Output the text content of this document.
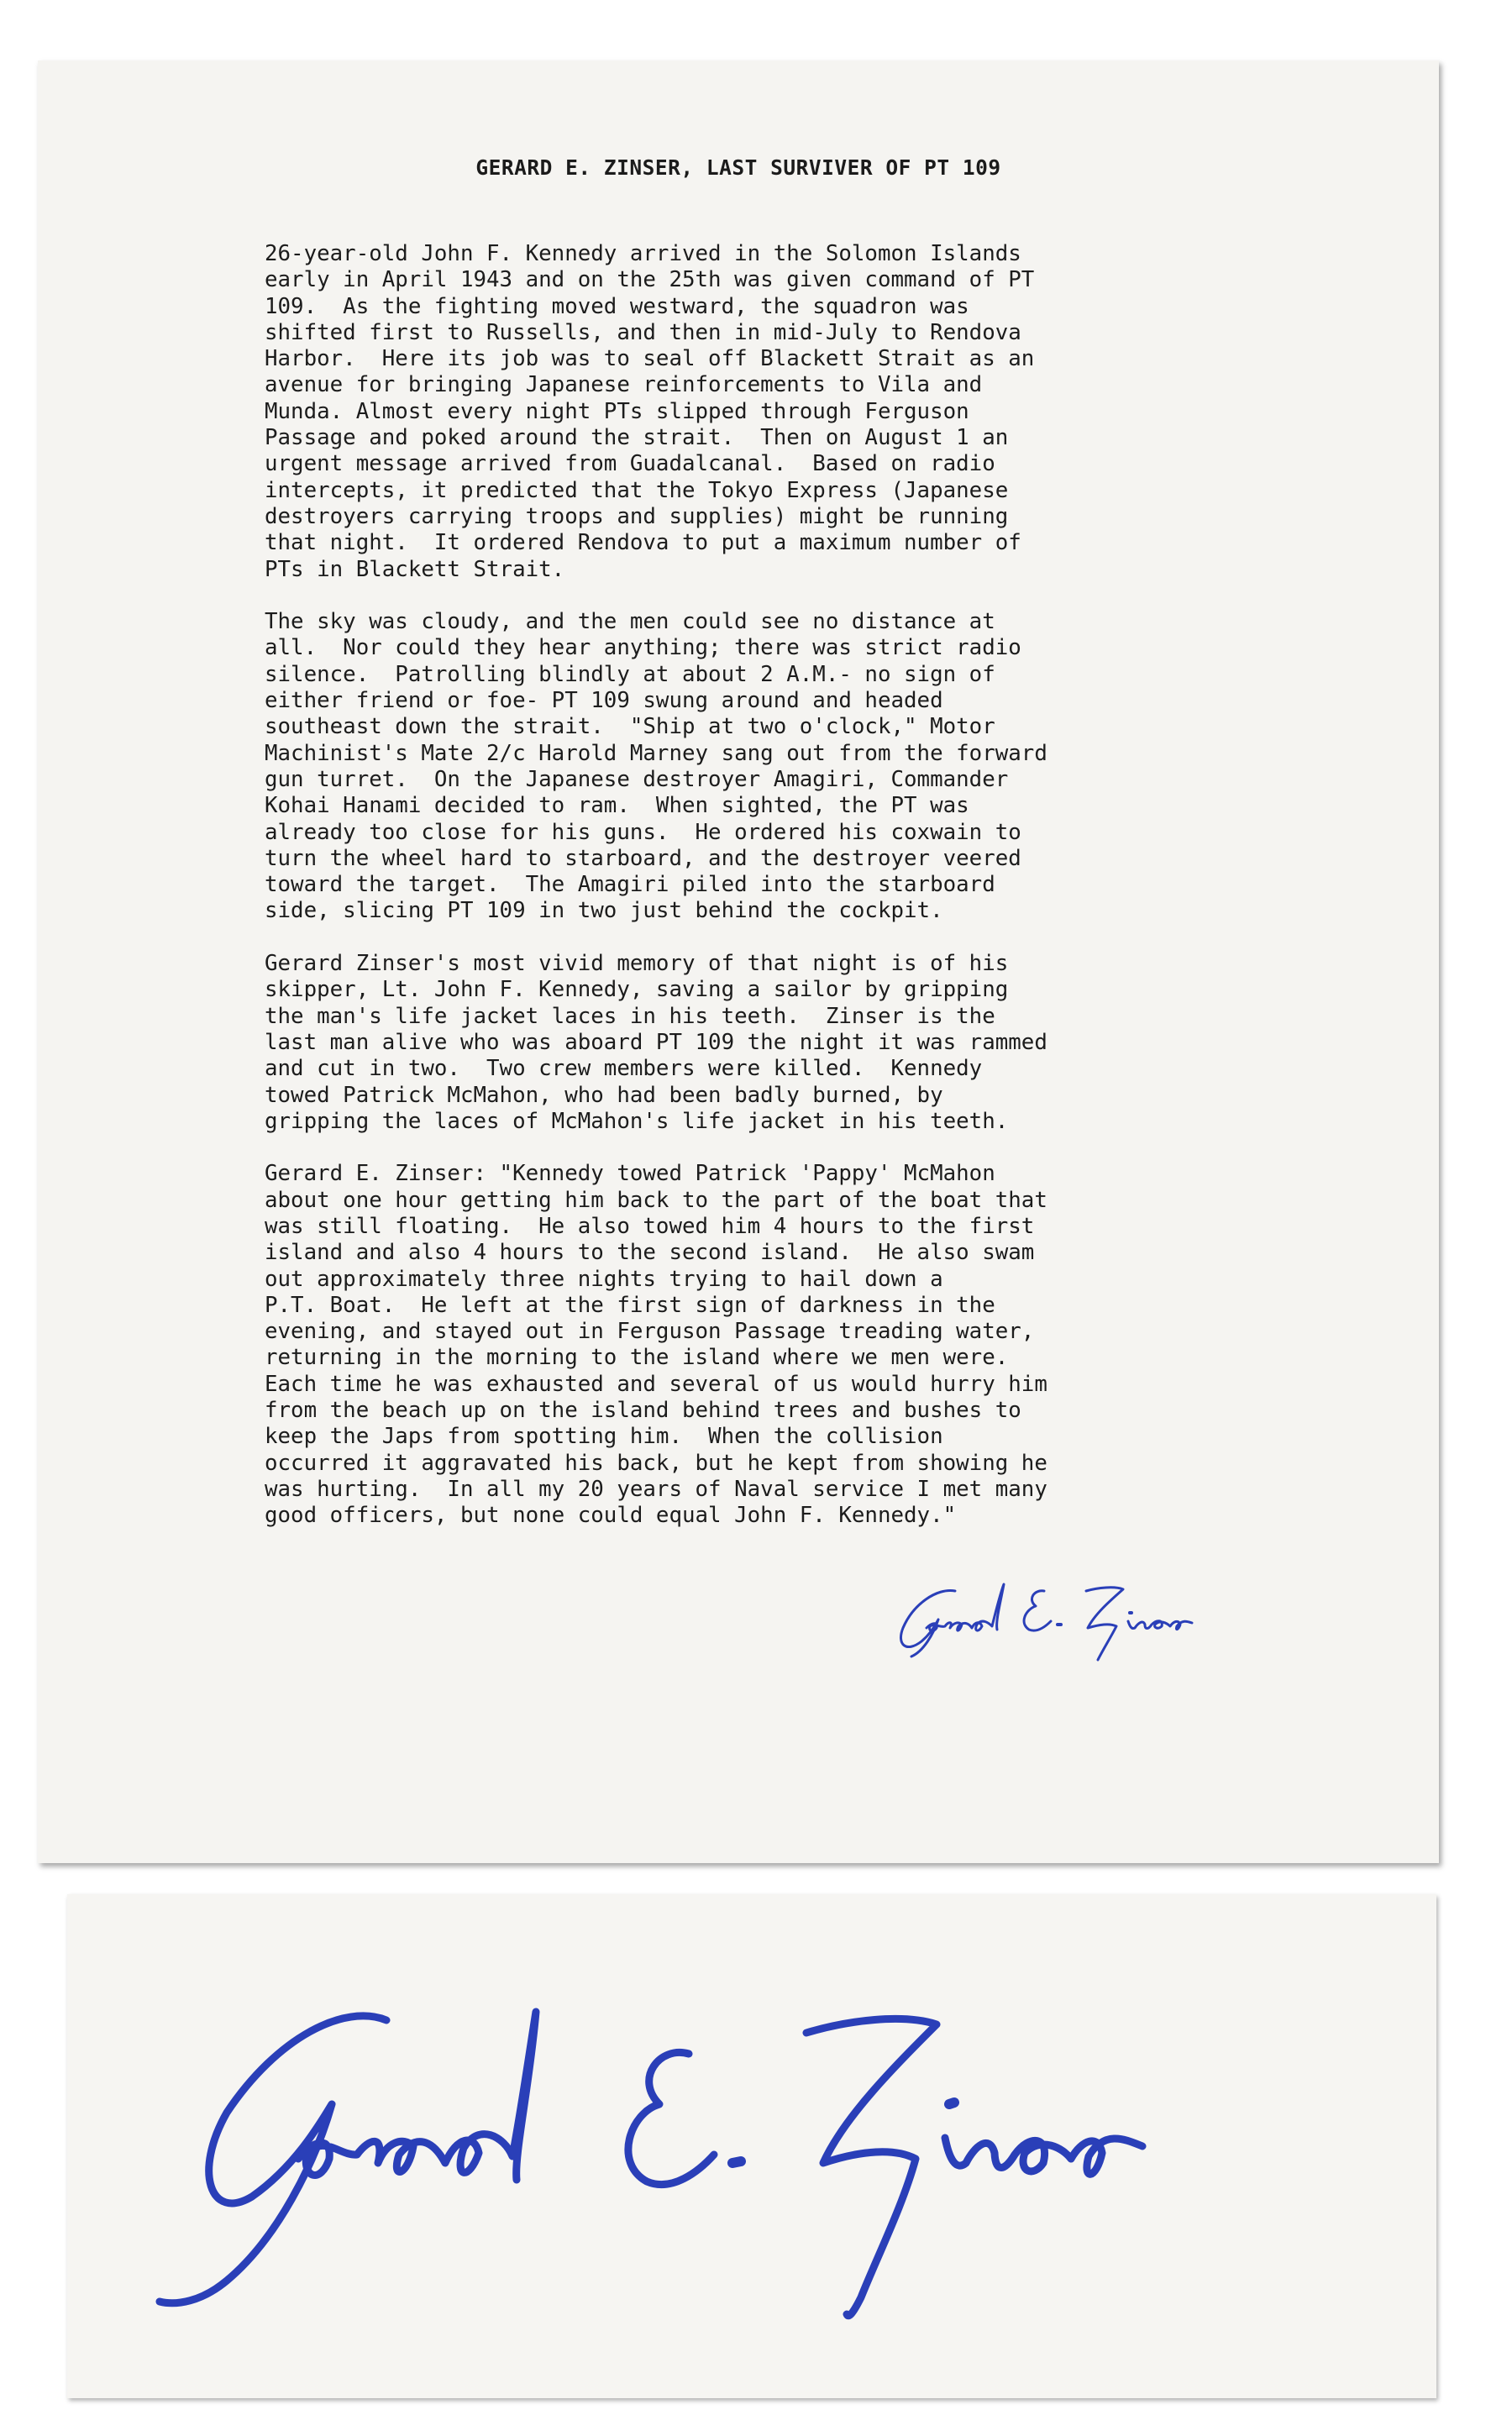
GERARD E. ZINSER, LAST SURVIVER OF PT 109

26-year-old John F. Kennedy arrived in the Solomon Islands
early in April 1943 and on the 25th was given command of PT
109.  As the fighting moved westward, the squadron was
shifted first to Russells, and then in mid-July to Rendova
Harbor.  Here its job was to seal off Blackett Strait as an
avenue for bringing Japanese reinforcements to Vila and
Munda. Almost every night PTs slipped through Ferguson
Passage and poked around the strait.  Then on August 1 an
urgent message arrived from Guadalcanal.  Based on radio
intercepts, it predicted that the Tokyo Express (Japanese
destroyers carrying troops and supplies) might be running
that night.  It ordered Rendova to put a maximum number of
PTs in Blackett Strait.

The sky was cloudy, and the men could see no distance at
all.  Nor could they hear anything; there was strict radio
silence.  Patrolling blindly at about 2 A.M.- no sign of
either friend or foe- PT 109 swung around and headed
southeast down the strait.  "Ship at two o'clock," Motor
Machinist's Mate 2/c Harold Marney sang out from the forward
gun turret.  On the Japanese destroyer Amagiri, Commander
Kohai Hanami decided to ram.  When sighted, the PT was
already too close for his guns.  He ordered his coxwain to
turn the wheel hard to starboard, and the destroyer veered
toward the target.  The Amagiri piled into the starboard
side, slicing PT 109 in two just behind the cockpit.

Gerard Zinser's most vivid memory of that night is of his
skipper, Lt. John F. Kennedy, saving a sailor by gripping
the man's life jacket laces in his teeth.  Zinser is the
last man alive who was aboard PT 109 the night it was rammed
and cut in two.  Two crew members were killed.  Kennedy
towed Patrick McMahon, who had been badly burned, by
gripping the laces of McMahon's life jacket in his teeth.

Gerard E. Zinser: "Kennedy towed Patrick 'Pappy' McMahon
about one hour getting him back to the part of the boat that
was still floating.  He also towed him 4 hours to the first
island and also 4 hours to the second island.  He also swam
out approximately three nights trying to hail down a
P.T. Boat.  He left at the first sign of darkness in the
evening, and stayed out in Ferguson Passage treading water,
returning in the morning to the island where we men were.
Each time he was exhausted and several of us would hurry him
from the beach up on the island behind trees and bushes to
keep the Japs from spotting him.  When the collision
occurred it aggravated his back, but he kept from showing he
was hurting.  In all my 20 years of Naval service I met many
good officers, but none could equal John F. Kennedy."
